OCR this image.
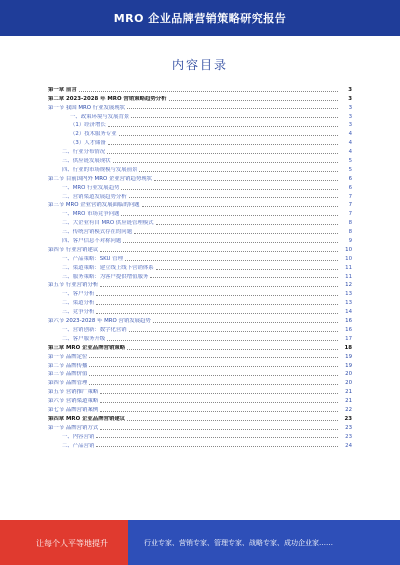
MRO 企业品牌营销策略研究报告
内容目录
第一章 前言	3
第二章 2023-2028 年 MRO 营销策略趋势分析	3
第一节 我国 MRO 行业发展现状	3
一、政策环境与发展背景	3
（1）经济增长	3
（2）技术服务专业	4
（3）人才储备	4
二、行业分布情况	4
三、供应链发展现状	5
四、行业的市场规模与发展前景	5
第二节 目前国内外 MRO 企业营销趋势现状	6
一、MRO 行业发展趋势	6
二、营销渠道发展趋势分析	7
第三节 MRO 企业营销发展面临的问题	7
一、MRO 市场竞争问题	7
二、大企业有自 MRO 供应链管理模式	8
三、传统营销模式存在的问题	8
四、客户信息不对称问题	9
第四节 行业营销建议	10
一、产品策略：SKU 管理	10
二、渠道策略：建立线上线下营销体系	11
三、服务策略：为客户提供增值服务	11
第五节 行业营销分析	12
一、客户分析	13
二、渠道分析	13
三、竞争分析	14
第六节 2023-2028 年 MRO 营销发展趋势	16
一、营销创新：数字化营销	16
二、客户服务升级	17
第三章 MRO 企业品牌营销策略	18
第一节 品牌定位	19
第二节 品牌传播	19
第三节 品牌价值	20
第四节 品牌管理	20
第五节 营销推广策略	21
第六节 营销渠道策略	21
第七节 品牌营销案例	22
第四章 MRO 企业品牌营销建议	23
第一节 品牌营销方式	23
一、内容营销	23
二、产品营销	24
让每个人平等地提升	行业专家、营销专家、管理专家、战略专家、成功企业家……
